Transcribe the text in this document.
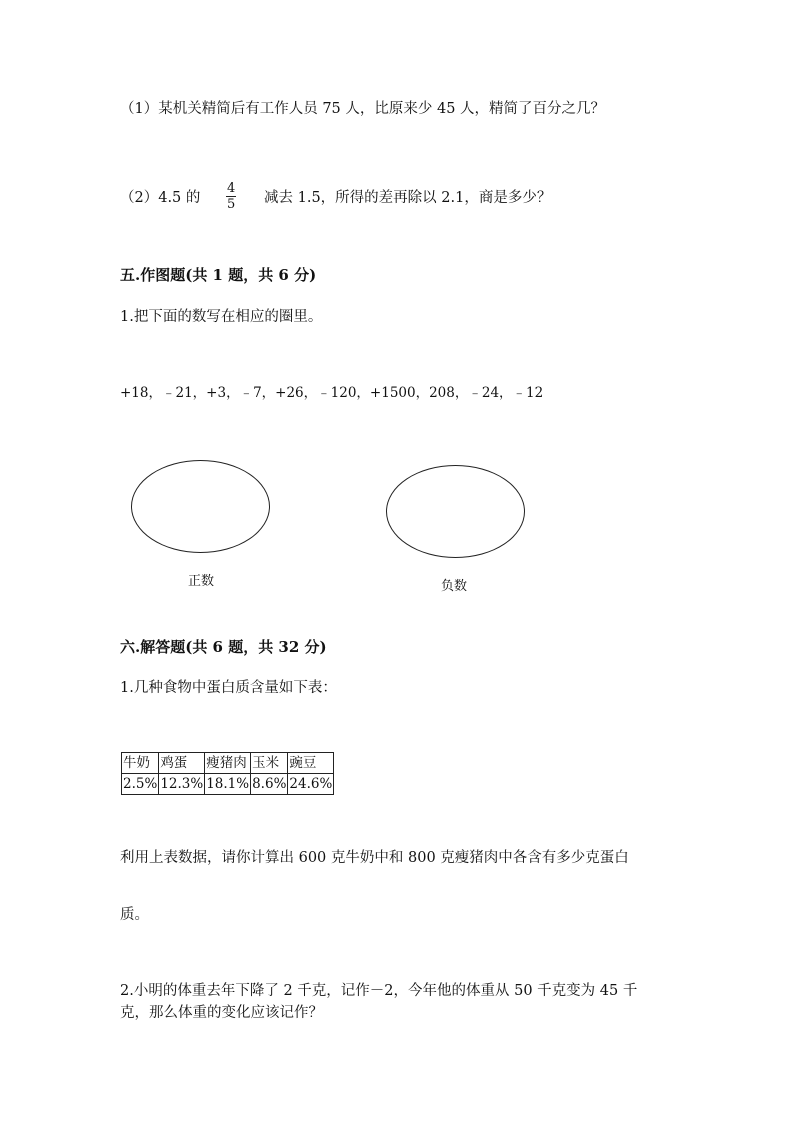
（1）某机关精简后有工作人员 75 人，比原来少 45 人，精简了百分之几？
（2）4.5 的 $\frac{4}{5}$ 减去 1.5，所得的差再除以 2.1，商是多少？
五.作图题(共 1 题，共 6 分)
1.把下面的数写在相应的圈里。
+18，﹣21，+3，﹣7，+26，﹣120，+1500，208，﹣24，﹣12
正数	负数
六.解答题(共 6 题，共 32 分)
1.几种食物中蛋白质含量如下表：
牛奶	鸡蛋	瘦猪肉	玉米	豌豆
2.5%	12.3%	18.1%	8.6%	24.6%
利用上表数据，请你计算出 600 克牛奶中和 800 克瘦猪肉中各含有多少克蛋白
质。
2.小明的体重去年下降了 2 千克，记作－2，今年他的体重从 50 千克变为 45 千
克，那么体重的变化应该记作？
